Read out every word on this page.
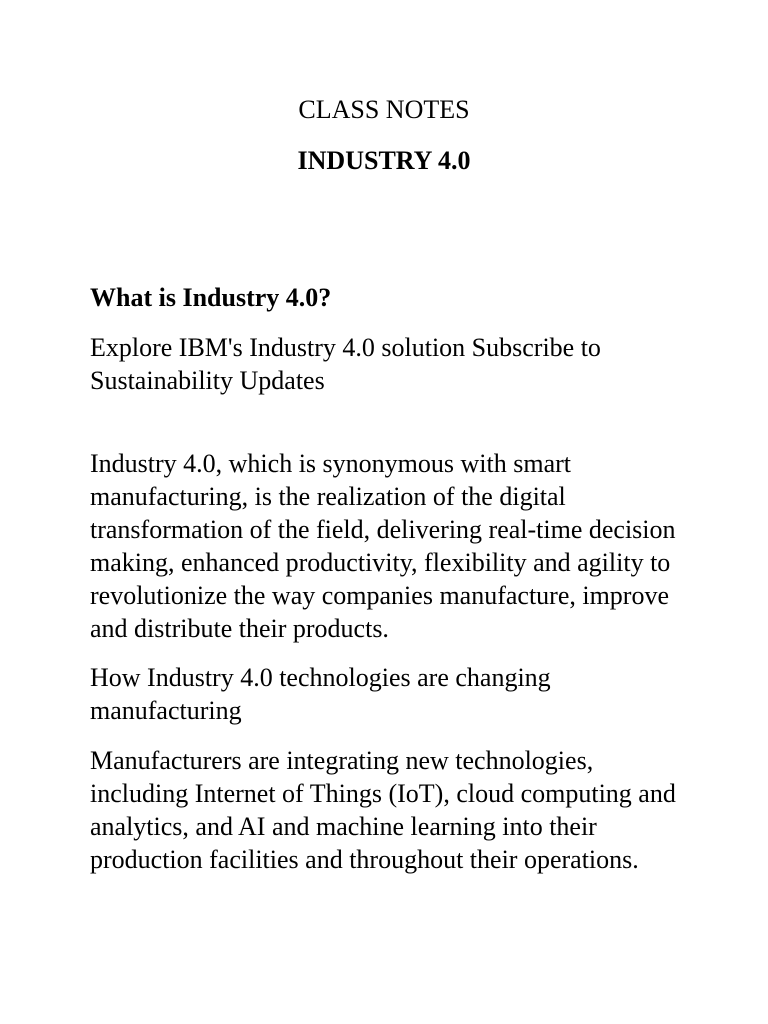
CLASS NOTES
INDUSTRY 4.0
What is Industry 4.0?

Explore IBM's Industry 4.0 solution Subscribe to Sustainability Updates

Industry 4.0, which is synonymous with smart manufacturing, is the realization of the digital transformation of the field, delivering real-time decision making, enhanced productivity, flexibility and agility to revolutionize the way companies manufacture, improve and distribute their products.

How Industry 4.0 technologies are changing manufacturing

Manufacturers are integrating new technologies, including Internet of Things (IoT), cloud computing and analytics, and AI and machine learning into their production facilities and throughout their operations.
